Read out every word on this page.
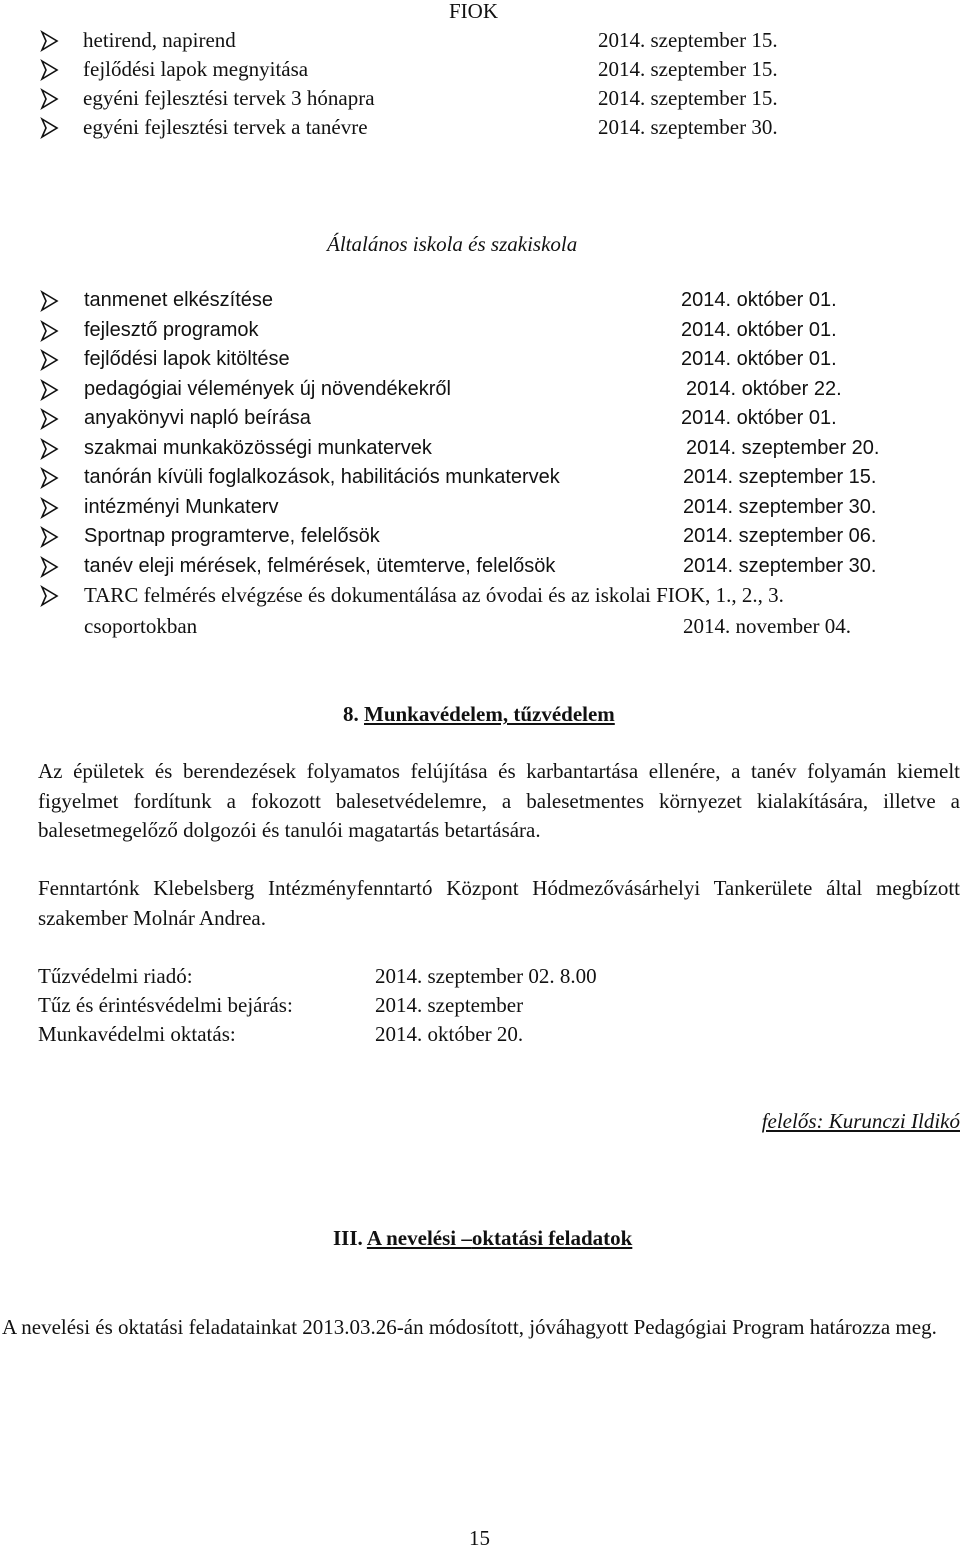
FIOK
hetirend, napirend	2014. szeptember 15.
fejlődési lapok megnyitása	2014. szeptember 15.
egyéni fejlesztési tervek 3 hónapra	2014. szeptember 15.
egyéni fejlesztési tervek a tanévre	2014. szeptember 30.
Általános iskola és szakiskola
tanmenet elkészítése	2014. október 01.
fejlesztő programok	2014. október 01.
fejlődési lapok kitöltése	2014. október 01.
pedagógiai vélemények új növendékekről	2014. október 22.
anyakönyvi napló beírása	2014. október 01.
szakmai munkaközösségi munkatervek	2014. szeptember 20.
tanórán kívüli foglalkozások, habilitációs munkatervek	2014. szeptember 15.
intézményi Munkaterv	2014. szeptember 30.
Sportnap programterve, felelősök	2014. szeptember 06.
tanév eleji mérések, felmérések, ütemterve, felelősök	2014. szeptember 30.
TARC felmérés elvégzése és dokumentálása az óvodai és az iskolai FIOK, 1., 2., 3.
csoportokban	2014. november 04.
8. Munkavédelem, tűzvédelem
Az épületek és berendezések folyamatos felújítása és karbantartása ellenére, a tanév folyamán kiemelt figyelmet fordítunk a fokozott balesetvédelemre, a balesetmentes környezet kialakítására, illetve a balesetmegelőző dolgozói és tanulói magatartás betartására.
Fenntartónk Klebelsberg Intézményfenntartó Központ Hódmezővásárhelyi Tankerülete által megbízott szakember Molnár Andrea.
Tűzvédelmi riadó:	2014. szeptember 02. 8.00
Tűz és érintésvédelmi bejárás:	2014. szeptember
Munkavédelmi oktatás:	2014. október 20.
felelős: Kurunczi Ildikó
III. A nevelési –oktatási feladatok
A nevelési és oktatási feladatainkat 2013.03.26-án módosított, jóváhagyott Pedagógiai Program határozza meg.
15
